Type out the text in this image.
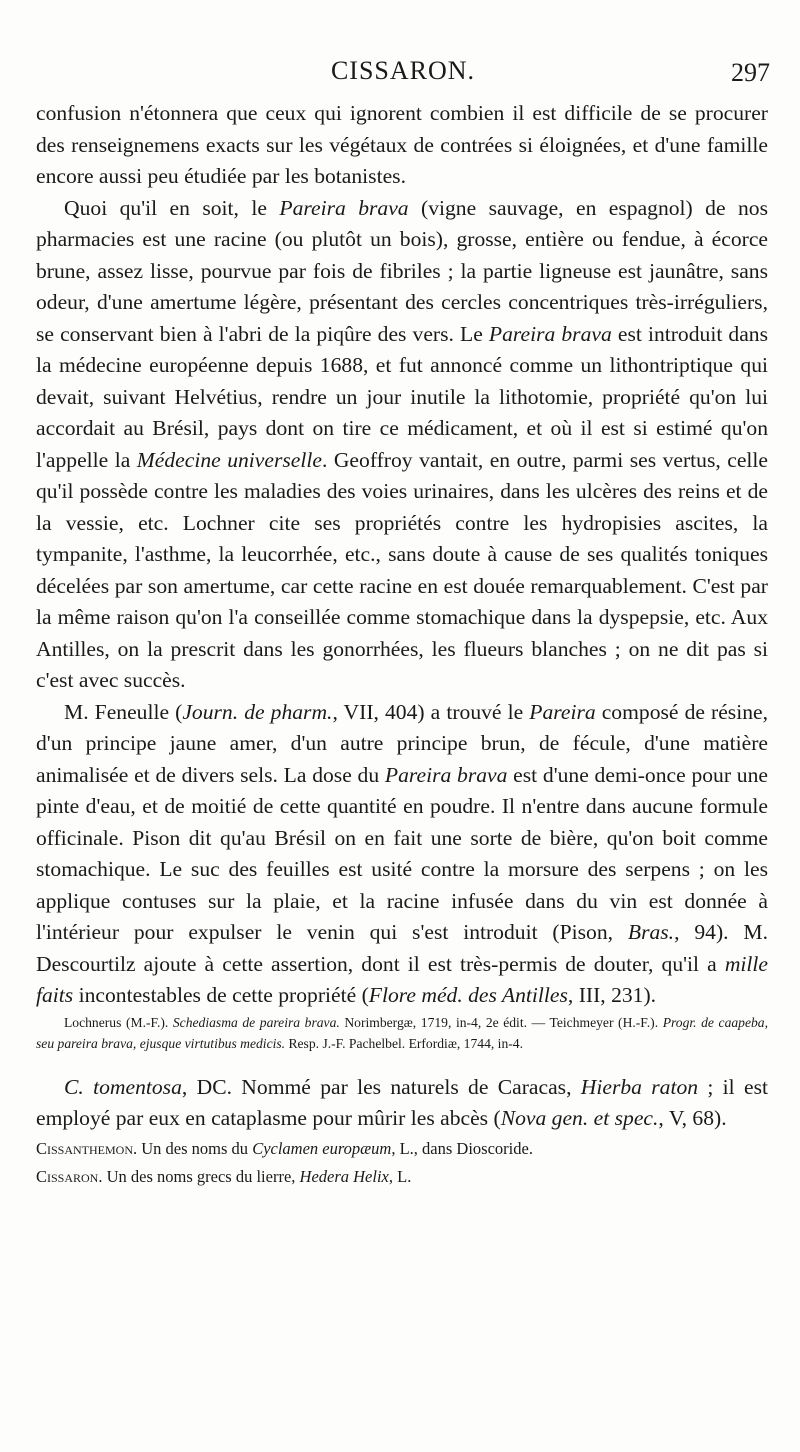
CISSARON.	297

confusion n'étonnera que ceux qui ignorent combien il est difficile de se procurer des renseignemens exacts sur les végétaux de contrées si éloignées, et d'une famille encore aussi peu étudiée par les botanistes.

Quoi qu'il en soit, le Pareira brava (vigne sauvage, en espagnol) de nos pharmacies est une racine (ou plutôt un bois), grosse, entière ou fendue, à écorce brune, assez lisse, pourvue par fois de fibriles ; la partie ligneuse est jaunâtre, sans odeur, d'une amertume légère, présentant des cercles concentriques très-irréguliers, se conservant bien à l'abri de la piqûre des vers. Le Pareira brava est introduit dans la médecine européenne depuis 1688, et fut annoncé comme un lithontriptique qui devait, suivant Helvétius, rendre un jour inutile la lithotomie, propriété qu'on lui accordait au Brésil, pays dont on tire ce médicament, et où il est si estimé qu'on l'appelle la Médecine universelle. Geoffroy vantait, en outre, parmi ses vertus, celle qu'il possède contre les maladies des voies urinaires, dans les ulcères des reins et de la vessie, etc. Lochner cite ses propriétés contre les hydropisies ascites, la tympanite, l'asthme, la leucorrhée, etc., sans doute à cause de ses qualités toniques décelées par son amertume, car cette racine en est douée remarquablement. C'est par la même raison qu'on l'a conseillée comme stomachique dans la dyspepsie, etc. Aux Antilles, on la prescrit dans les gonorrhées, les flueurs blanches ; on ne dit pas si c'est avec succès.

M. Feneulle (Journ. de pharm., VII, 404) a trouvé le Pareira composé de résine, d'un principe jaune amer, d'un autre principe brun, de fécule, d'une matière animalisée et de divers sels. La dose du Pareira brava est d'une demi-once pour une pinte d'eau, et de moitié de cette quantité en poudre. Il n'entre dans aucune formule officinale. Pison dit qu'au Brésil on en fait une sorte de bière, qu'on boit comme stomachique. Le suc des feuilles est usité contre la morsure des serpens ; on les applique contuses sur la plaie, et la racine infusée dans du vin est donnée à l'intérieur pour expulser le venin qui s'est introduit (Pison, Bras., 94). M. Descourtilz ajoute à cette assertion, dont il est très-permis de douter, qu'il a mille faits incontestables de cette propriété (Flore méd. des Antilles, III, 231).

Lochnerus (M.-F.). Schediasma de pareira brava. Norimbergæ, 1719, in-4, 2e édit. — Teichmeyer (H.-F.). Progr. de caapeba, seu pareira brava, ejusque virtutibus medicis. Resp. J.-F. Pachelbel. Erfordiæ, 1744, in-4.

C. tomentosa, DC. Nommé par les naturels de Caracas, Hierba raton ; il est employé par eux en cataplasme pour mûrir les abcès (Nova gen. et spec., V, 68).

Cissanthemon. Un des noms du Cyclamen europæum, L., dans Dioscoride.

Cissaron. Un des noms grecs du lierre, Hedera Helix, L.
